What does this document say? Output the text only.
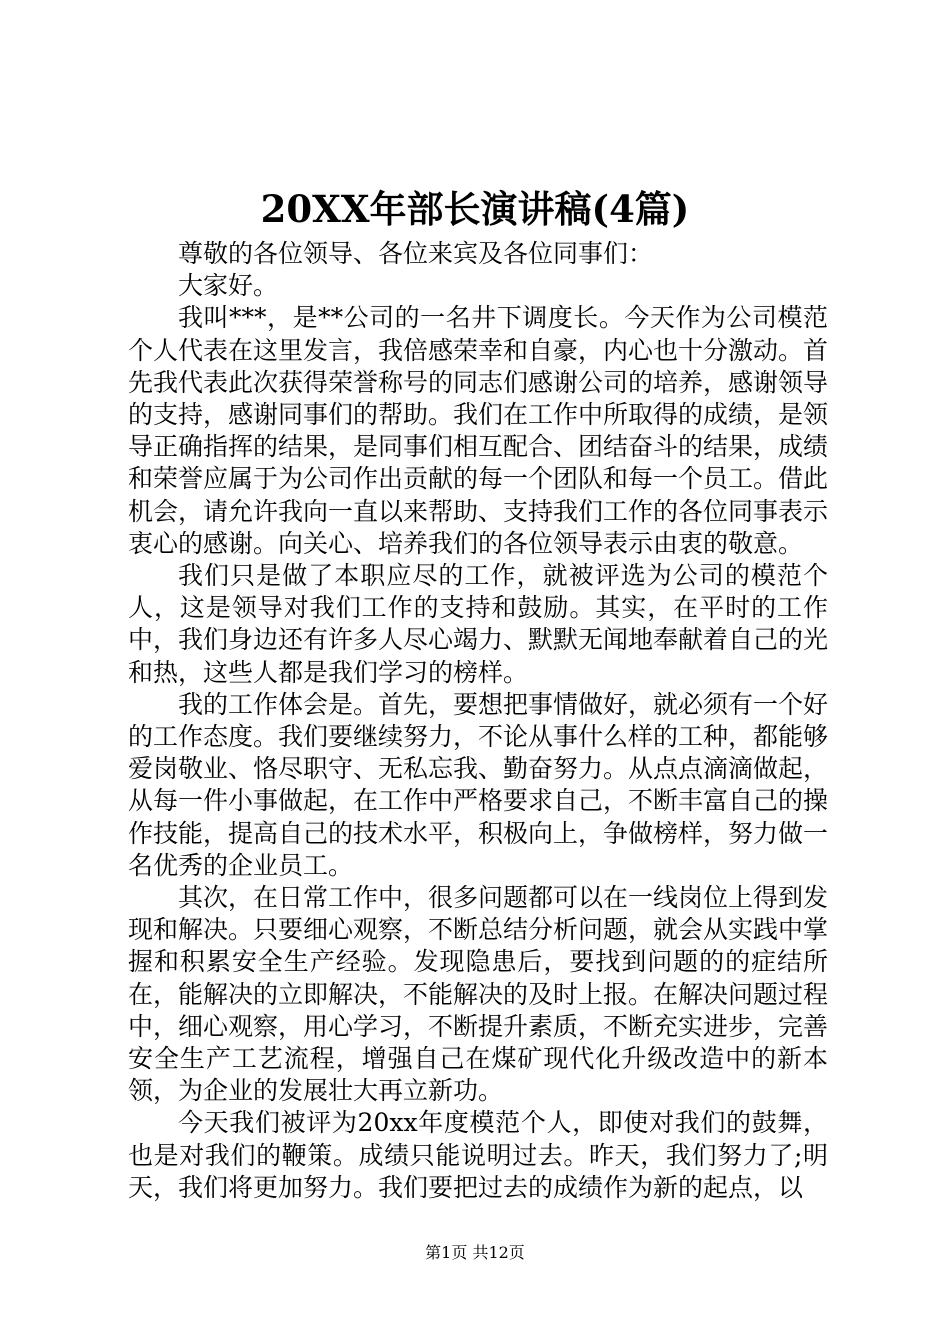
20XX年部长演讲稿(4篇)

尊敬的各位领导、各位来宾及各位同事们：

大家好。

我叫***，是**公司的一名井下调度长。今天作为公司模范个人代表在这里发言，我倍感荣幸和自豪，内心也十分激动。首先我代表此次获得荣誉称号的同志们感谢公司的培养，感谢领导的支持，感谢同事们的帮助。我们在工作中所取得的成绩，是领导正确指挥的结果，是同事们相互配合、团结奋斗的结果，成绩和荣誉应属于为公司作出贡献的每一个团队和每一个员工。借此机会，请允许我向一直以来帮助、支持我们工作的各位同事表示衷心的感谢。向关心、培养我们的各位领导表示由衷的敬意。

我们只是做了本职应尽的工作，就被评选为公司的模范个人，这是领导对我们工作的支持和鼓励。其实，在平时的工作中，我们身边还有许多人尽心竭力、默默无闻地奉献着自己的光和热，这些人都是我们学习的榜样。

我的工作体会是。首先，要想把事情做好，就必须有一个好的工作态度。我们要继续努力，不论从事什么样的工种，都能够爱岗敬业、恪尽职守、无私忘我、勤奋努力。从点点滴滴做起，从每一件小事做起，在工作中严格要求自己，不断丰富自己的操作技能，提高自己的技术水平，积极向上，争做榜样，努力做一名优秀的企业员工。

其次，在日常工作中，很多问题都可以在一线岗位上得到发现和解决。只要细心观察，不断总结分析问题，就会从实践中掌握和积累安全生产经验。发现隐患后，要找到问题的的症结所在，能解决的立即解决，不能解决的及时上报。在解决问题过程中，细心观察，用心学习，不断提升素质，不断充实进步，完善安全生产工艺流程，增强自己在煤矿现代化升级改造中的新本领，为企业的发展壮大再立新功。

今天我们被评为20xx年度模范个人，即使对我们的鼓舞，也是对我们的鞭策。成绩只能说明过去。昨天，我们努力了;明天，我们将更加努力。我们要把过去的成绩作为新的起点，以

第1页 共12页
